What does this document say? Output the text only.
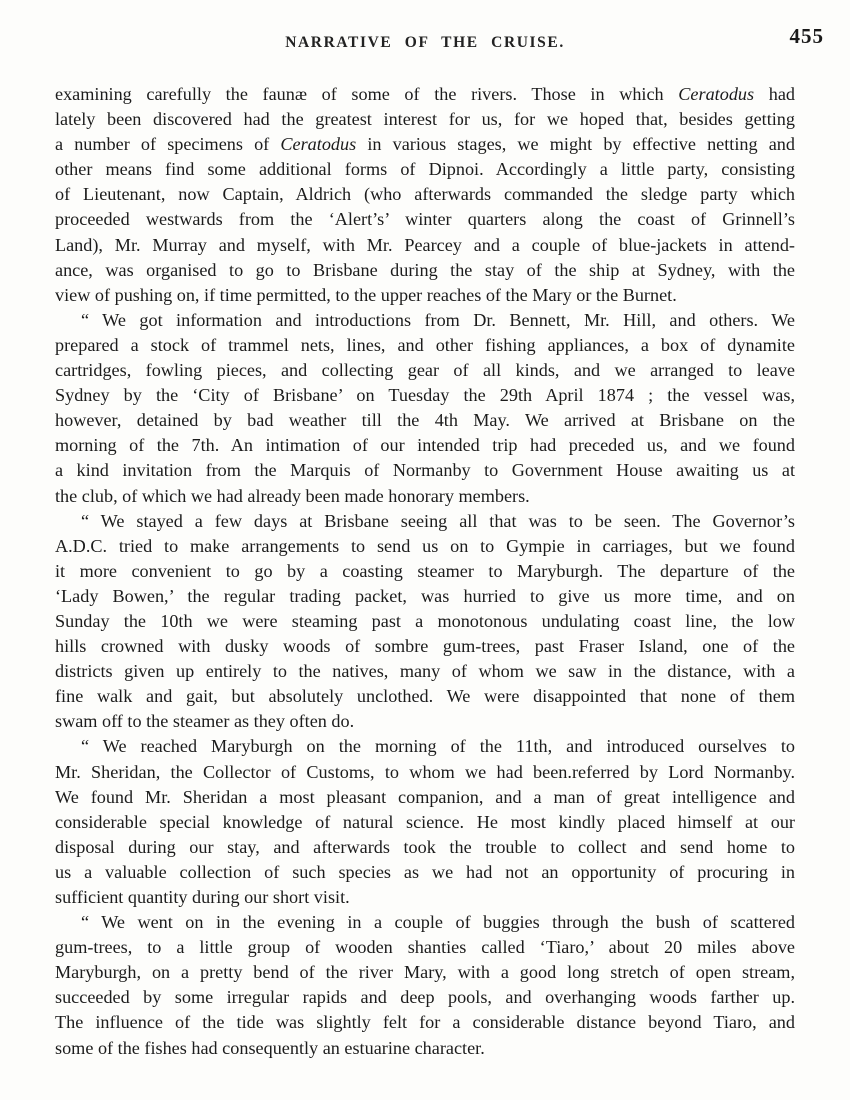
NARRATIVE OF THE CRUISE.	455
examining carefully the faunæ of some of the rivers. Those in which Ceratodus had
lately been discovered had the greatest interest for us, for we hoped that, besides getting
a number of specimens of Ceratodus in various stages, we might by effective netting and
other means find some additional forms of Dipnoi. Accordingly a little party, consisting
of Lieutenant, now Captain, Aldrich (who afterwards commanded the sledge party which
proceeded westwards from the ‘Alert’s’ winter quarters along the coast of Grinnell’s
Land), Mr. Murray and myself, with Mr. Pearcey and a couple of blue-jackets in attend-
ance, was organised to go to Brisbane during the stay of the ship at Sydney, with the
view of pushing on, if time permitted, to the upper reaches of the Mary or the Burnet.
“ We got information and introductions from Dr. Bennett, Mr. Hill, and others. We
prepared a stock of trammel nets, lines, and other fishing appliances, a box of dynamite
cartridges, fowling pieces, and collecting gear of all kinds, and we arranged to leave
Sydney by the ‘City of Brisbane’ on Tuesday the 29th April 1874 ; the vessel was,
however, detained by bad weather till the 4th May. We arrived at Brisbane on the
morning of the 7th. An intimation of our intended trip had preceded us, and we found
a kind invitation from the Marquis of Normanby to Government House awaiting us at
the club, of which we had already been made honorary members.
“ We stayed a few days at Brisbane seeing all that was to be seen. The Governor’s
A.D.C. tried to make arrangements to send us on to Gympie in carriages, but we found
it more convenient to go by a coasting steamer to Maryburgh. The departure of the
‘Lady Bowen,’ the regular trading packet, was hurried to give us more time, and on
Sunday the 10th we were steaming past a monotonous undulating coast line, the low
hills crowned with dusky woods of sombre gum-trees, past Fraser Island, one of the
districts given up entirely to the natives, many of whom we saw in the distance, with a
fine walk and gait, but absolutely unclothed. We were disappointed that none of them
swam off to the steamer as they often do.
“ We reached Maryburgh on the morning of the 11th, and introduced ourselves to
Mr. Sheridan, the Collector of Customs, to whom we had been.referred by Lord Normanby.
We found Mr. Sheridan a most pleasant companion, and a man of great intelligence and
considerable special knowledge of natural science. He most kindly placed himself at our
disposal during our stay, and afterwards took the trouble to collect and send home to
us a valuable collection of such species as we had not an opportunity of procuring in
sufficient quantity during our short visit.
“ We went on in the evening in a couple of buggies through the bush of scattered
gum-trees, to a little group of wooden shanties called ‘Tiaro,’ about 20 miles above
Maryburgh, on a pretty bend of the river Mary, with a good long stretch of open stream,
succeeded by some irregular rapids and deep pools, and overhanging woods farther up.
The influence of the tide was slightly felt for a considerable distance beyond Tiaro, and
some of the fishes had consequently an estuarine character.
